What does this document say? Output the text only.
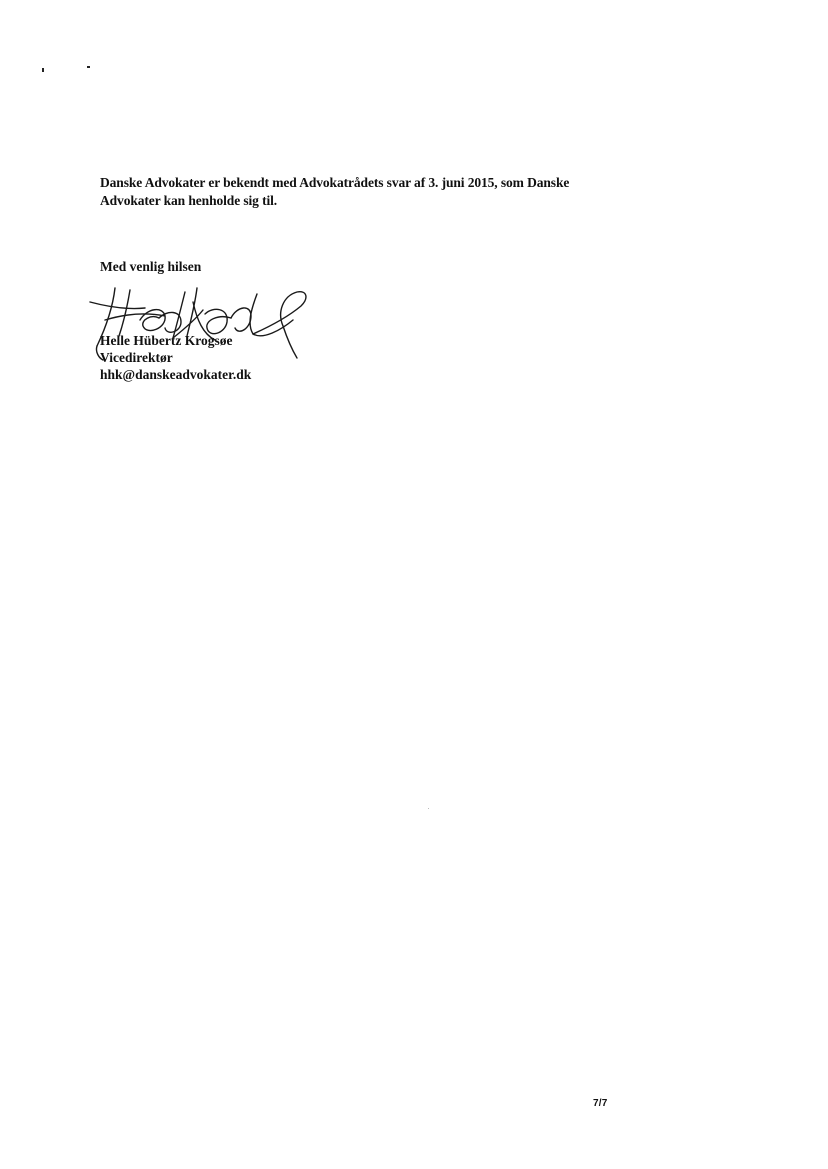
Danske Advokater er bekendt med Advokatrådets svar af 3. juni 2015, som Danske
Advokater kan henholde sig til.

Med venlig hilsen

Helle Hübertz Krogsøe
Vicedirektør
hhk@danskeadvokater.dk
7/7
